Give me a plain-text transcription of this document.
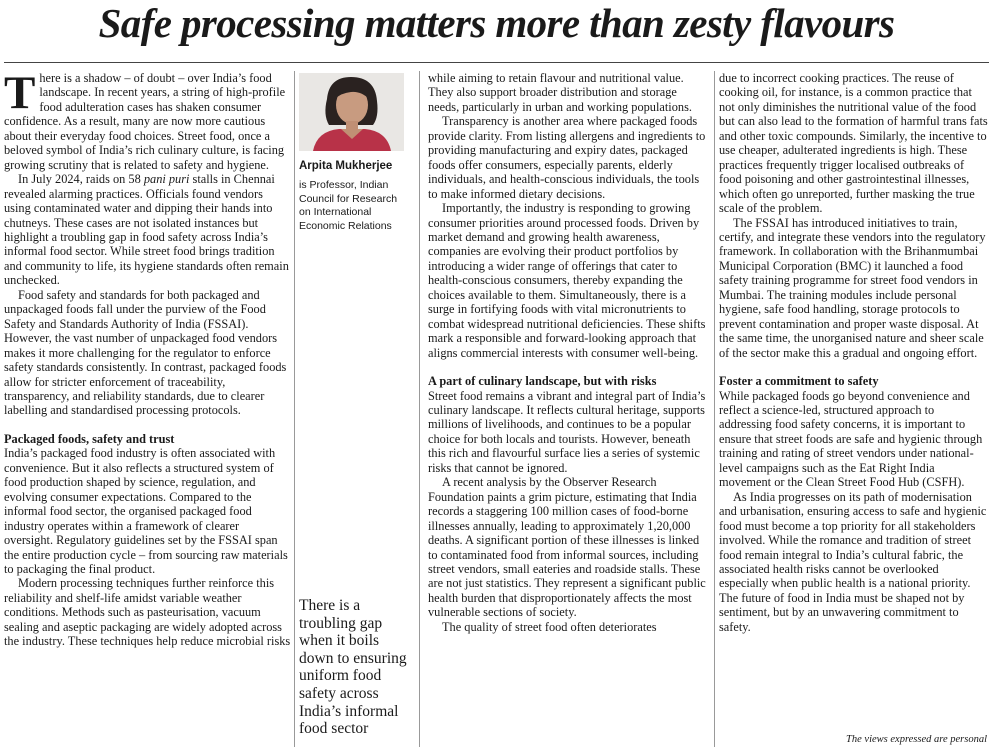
Safe processing matters more than zesty flavours

There is a shadow – of doubt – over India’s food landscape. In recent years, a string of high-profile food adulteration cases has shaken consumer confidence. As a result, many are now more cautious about their everyday food choices. Street food, once a beloved symbol of India’s rich culinary culture, is facing growing scrutiny that is related to safety and hygiene.

In July 2024, raids on 58 pani puri stalls in Chennai revealed alarming practices. Officials found vendors using contaminated water and dipping their hands into chutneys. These cases are not isolated instances but highlight a troubling gap in food safety across India’s informal food sector. While street food brings tradition and community to life, its hygiene standards often remain unchecked.

Food safety and standards for both packaged and unpackaged foods fall under the purview of the Food Safety and Standards Authority of India (FSSAI). However, the vast number of unpackaged food vendors makes it more challenging for the regulator to enforce safety standards consistently. In contrast, packaged foods allow for stricter enforcement of traceability, transparency, and reliability standards, due to clearer labelling and standardised processing protocols.

Packaged foods, safety and trust

India’s packaged food industry is often associated with convenience. But it also reflects a structured system of food production shaped by science, regulation, and evolving consumer expectations. Compared to the informal food sector, the organised packaged food industry operates within a framework of clearer oversight. Regulatory guidelines set by the FSSAI span the entire production cycle – from sourcing raw materials to packaging the final product.

Modern processing techniques further reinforce this reliability and shelf-life amidst variable weather conditions. Methods such as pasteurisation, vacuum sealing and aseptic packaging are widely adopted across the industry. These techniques help reduce microbial risks

Arpita Mukherjee
is Professor, Indian Council for Research on International Economic Relations
There is a troubling gap when it boils down to ensuring uniform food safety across India’s informal food sector

while aiming to retain flavour and nutritional value. They also support broader distribution and storage needs, particularly in urban and working populations.

Transparency is another area where packaged foods provide clarity. From listing allergens and ingredients to providing manufacturing and expiry dates, packaged foods offer consumers, especially parents, elderly individuals, and health-conscious individuals, the tools to make informed dietary decisions.

Importantly, the industry is responding to growing consumer priorities around processed foods. Driven by market demand and growing health awareness, companies are evolving their product portfolios by introducing a wider range of offerings that cater to health-conscious consumers, thereby expanding the choices available to them. Simultaneously, there is a surge in fortifying foods with vital micronutrients to combat widespread nutritional deficiencies. These shifts mark a responsible and forward-looking approach that aligns commercial interests with consumer well-being.

A part of culinary landscape, but with risks

Street food remains a vibrant and integral part of India’s culinary landscape. It reflects cultural heritage, supports millions of livelihoods, and continues to be a popular choice for both locals and tourists. However, beneath this rich and flavourful surface lies a series of systemic risks that cannot be ignored.

A recent analysis by the Observer Research Foundation paints a grim picture, estimating that India records a staggering 100 million cases of food-borne illnesses annually, leading to approximately 1,20,000 deaths. A significant portion of these illnesses is linked to contaminated food from informal sources, including street vendors, small eateries and roadside stalls. These are not just statistics. They represent a significant public health burden that disproportionately affects the most vulnerable sections of society.

The quality of street food often deteriorates

due to incorrect cooking practices. The reuse of cooking oil, for instance, is a common practice that not only diminishes the nutritional value of the food but can also lead to the formation of harmful trans fats and other toxic compounds. Similarly, the incentive to use cheaper, adulterated ingredients is high. These practices frequently trigger localised outbreaks of food poisoning and other gastrointestinal illnesses, which often go unreported, further masking the true scale of the problem.

The FSSAI has introduced initiatives to train, certify, and integrate these vendors into the regulatory framework. In collaboration with the Brihanmumbai Municipal Corporation (BMC) it launched a food safety training programme for street food vendors in Mumbai. The training modules include personal hygiene, safe food handling, storage protocols to prevent contamination and proper waste disposal. At the same time, the unorganised nature and sheer scale of the sector make this a gradual and ongoing effort.

Foster a commitment to safety

While packaged foods go beyond convenience and reflect a science-led, structured approach to addressing food safety concerns, it is important to ensure that street foods are safe and hygienic through training and rating of street vendors under national-level campaigns such as the Eat Right India movement or the Clean Street Food Hub (CSFH).

As India progresses on its path of modernisation and urbanisation, ensuring access to safe and hygienic food must become a top priority for all stakeholders involved. While the romance and tradition of street food remain integral to India’s cultural fabric, the associated health risks cannot be overlooked especially when public health is a national priority. The future of food in India must be shaped not by sentiment, but by an unwavering commitment to safety.

The views expressed are personal
